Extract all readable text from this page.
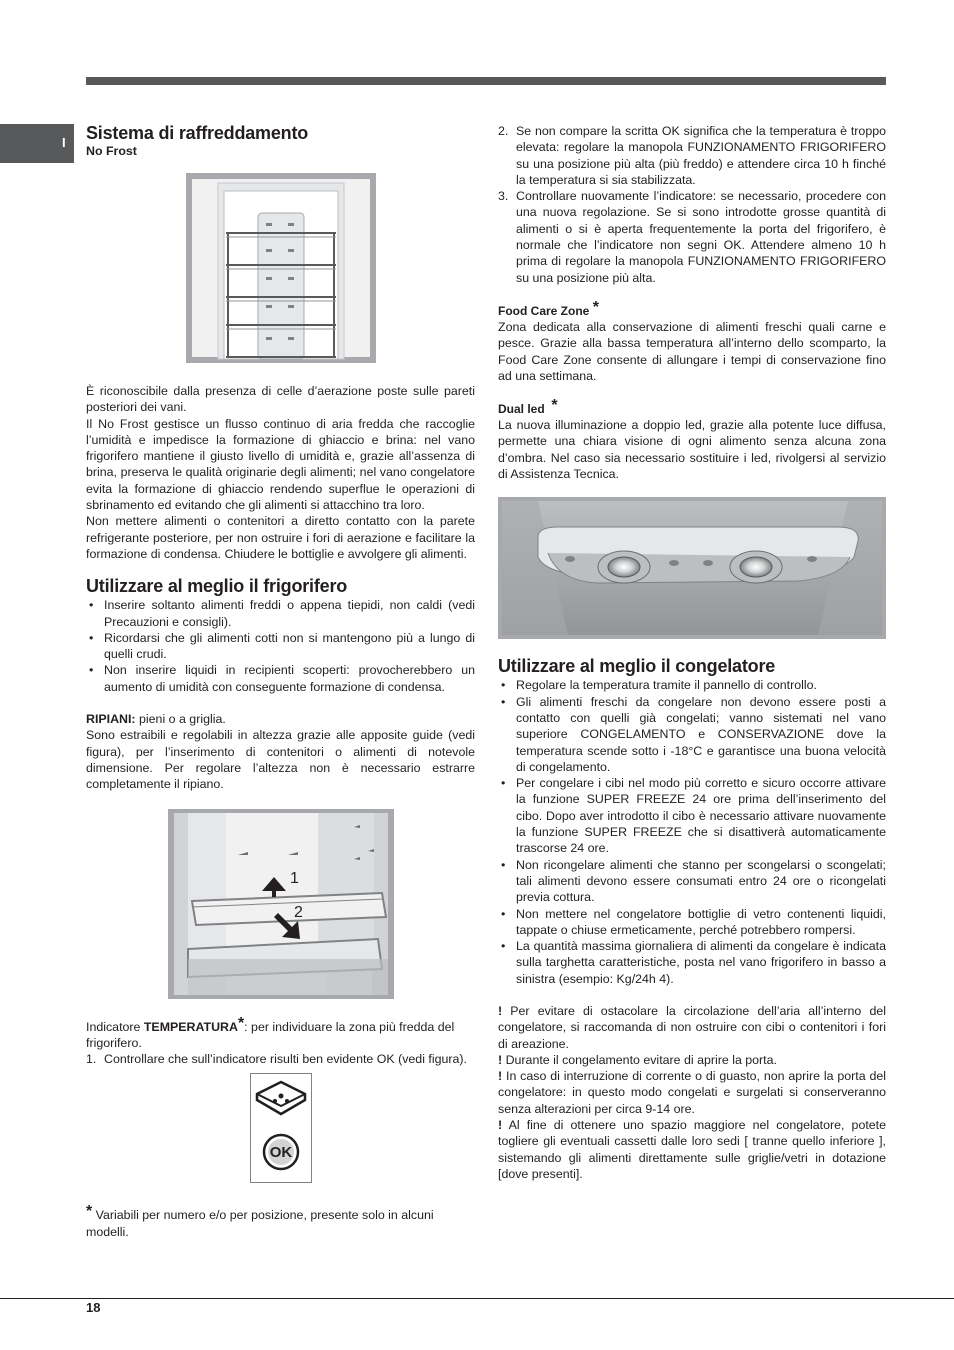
I Sistema di raffreddamento
No Frost

È riconoscibile dalla presenza di celle d’aerazione poste sulle pareti posteriori dei vani.

Il No Frost gestisce un flusso continuo di aria fredda che raccoglie l’umidità e impedisce la formazione di ghiaccio e brina: nel vano frigorifero mantiene il giusto livello di umidità e, grazie all’assenza di brina, preserva le qualità originarie degli alimenti; nel vano congelatore evita la formazione di ghiaccio rendendo superflue le operazioni di sbrinamento ed evitando che gli alimenti si attacchino tra loro.

Non mettere alimenti o contenitori a diretto contatto con la parete refrigerante posteriore, per non ostruire i fori di aerazione e facilitare la formazione di condensa. Chiudere le bottiglie e avvolgere gli alimenti.

Utilizzare al meglio il frigorifero
• Inserire soltanto alimenti freddi o appena tiepidi, non caldi (vedi Precauzioni e consigli).
• Ricordarsi che gli alimenti cotti non si mantengono più a lungo di quelli crudi.
• Non inserire liquidi in recipienti scoperti: provocherebbero un aumento di umidità con conseguente formazione di condensa.

RIPIANI: pieni o a griglia.

Sono estraibili e regolabili in altezza grazie alle apposite guide (vedi figura), per l’inserimento di contenitori o alimenti di notevole dimensione. Per regolare l’altezza non è necessario estrarre completamente il ripiano.

1
2

Indicatore TEMPERATURA*: per individuare la zona più fredda del frigorifero.

1. Controllare che sull’indicatore risulti ben evidente OK (vedi figura).
OK

* Variabili per numero e/o per posizione, presente solo in alcuni modelli.

2. Se non compare la scritta OK significa che la temperatura è troppo elevata: regolare la manopola FUNZIONAMENTO FRIGORIFERO su una posizione più alta (più freddo) e attendere circa 10 h finché la temperatura si sia stabilizzata.
3. Controllare nuovamente l’indicatore: se necessario, procedere con una nuova regolazione. Se si sono introdotte grosse quantità di alimenti o si è aperta frequentemente la porta del frigorifero, è normale che l’indicatore non segni OK. Attendere almeno 10 h prima di regolare la manopola FUNZIONAMENTO FRIGORIFERO su una posizione più alta.
Food Care Zone *

Zona dedicata alla conservazione di alimenti freschi quali carne e pesce. Grazie alla bassa temperatura all’interno dello scomparto, la Food Care Zone consente di allungare i tempi di conservazione fino ad una settimana.

Dual led *

La nuova illuminazione a doppio led, grazie alla potente luce diffusa, permette una chiara visione di ogni alimento senza alcuna zona d’ombra. Nel caso sia necessario sostituire i led, rivolgersi al servizio di Assistenza Tecnica.

Utilizzare al meglio il congelatore
• Regolare la temperatura tramite il pannello di controllo.
• Gli alimenti freschi da congelare non devono essere posti a contatto con quelli già congelati; vanno sistemati nel vano superiore CONGELAMENTO e CONSERVAZIONE dove la temperatura scende sotto i -18°C e garantisce una buona velocità di congelamento.
• Per congelare i cibi nel modo più corretto e sicuro occorre attivare la funzione SUPER FREEZE 24 ore prima dell’inserimento del cibo. Dopo aver introdotto il cibo è necessario attivare nuovamente la funzione SUPER FREEZE che si disattiverà automaticamente trascorse 24 ore.
• Non ricongelare alimenti che stanno per scongelarsi o scongelati; tali alimenti devono essere consumati entro 24 ore o ricongelati previa cottura.
• Non mettere nel congelatore bottiglie di vetro contenenti liquidi, tappate o chiuse ermeticamente, perché potrebbero rompersi.
• La quantità massima giornaliera di alimenti da congelare è indicata sulla targhetta caratteristiche, posta nel vano frigorifero in basso a sinistra (esempio: Kg/24h 4).

! Per evitare di ostacolare la circolazione dell’aria all’interno del congelatore, si raccomanda di non ostruire con cibi o contenitori i fori di areazione.

! Durante il congelamento evitare di aprire la porta.

! In caso di interruzione di corrente o di guasto, non aprire la porta del congelatore: in questo modo congelati e surgelati si conserveranno senza alterazioni per circa 9-14 ore.

! Al fine di ottenere uno spazio maggiore nel congelatore, potete togliere gli eventuali cassetti dalle loro sedi [ tranne quello inferiore ], sistemando gli alimenti direttamente sulle griglie/vetri in dotazione [dove presenti].

18
